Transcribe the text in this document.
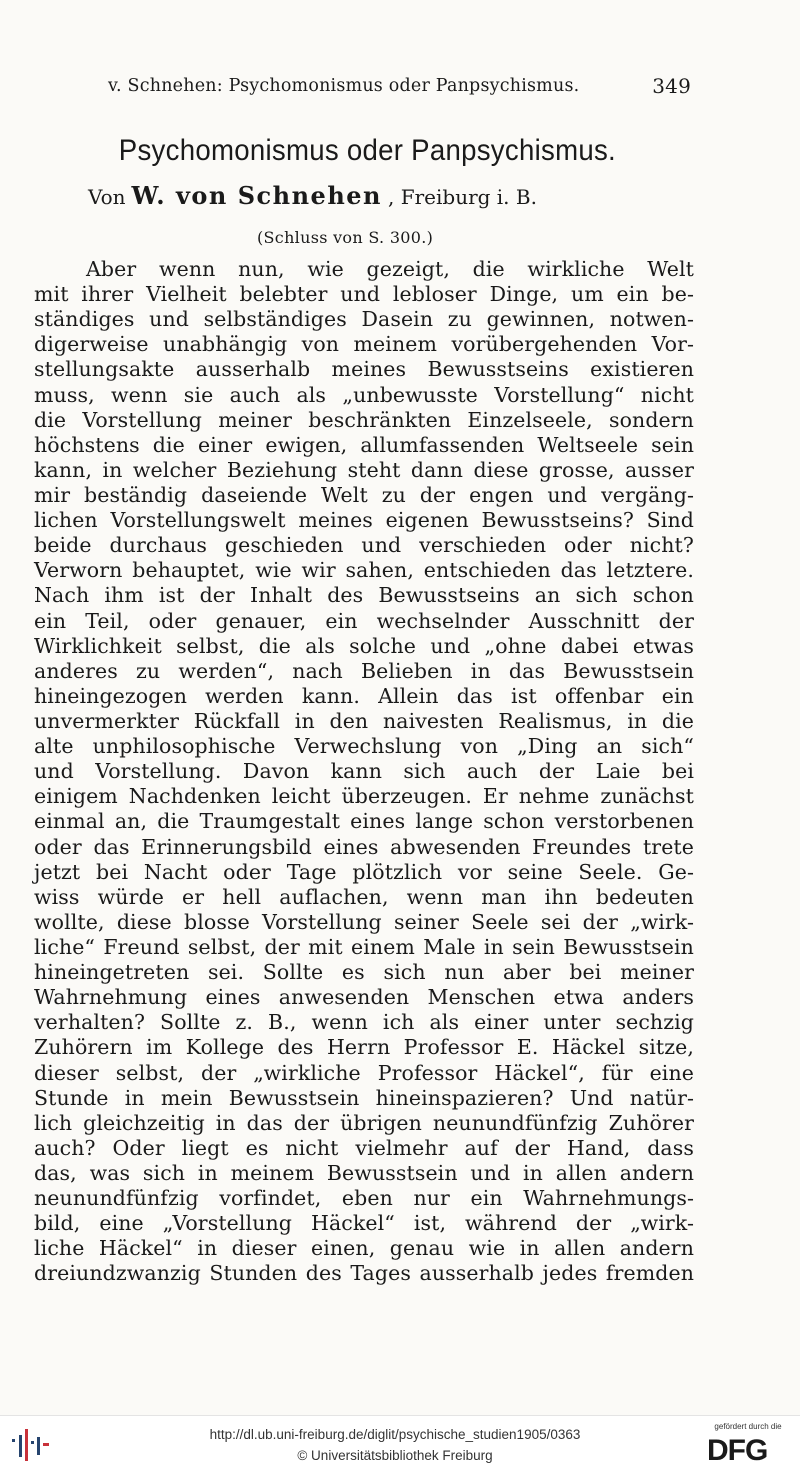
v. Schnehen: Psychomonismus oder Panpsychismus.	349
Psychomonismus oder Panpsychismus.
Von W. von Schnehen , Freiburg i. B.
(Schluss von S. 300.)
Aber wenn nun, wie gezeigt, die wirkliche Welt
mit ihrer Vielheit belebter und lebloser Dinge, um ein be-
ständiges und selbständiges Dasein zu gewinnen, notwen-
digerweise unabhängig von meinem vorübergehenden Vor-
stellungsakte ausserhalb meines Bewusstseins existieren
muss, wenn sie auch als „unbewusste Vorstellung“ nicht
die Vorstellung meiner beschränkten Einzelseele, sondern
höchstens die einer ewigen, allumfassenden Weltseele sein
kann, in welcher Beziehung steht dann diese grosse, ausser
mir beständig daseiende Welt zu der engen und vergäng-
lichen Vorstellungswelt meines eigenen Bewusstseins? Sind
beide durchaus geschieden und verschieden oder nicht?
Verworn behauptet, wie wir sahen, entschieden das letztere.
Nach ihm ist der Inhalt des Bewusstseins an sich schon
ein Teil, oder genauer, ein wechselnder Ausschnitt der
Wirklichkeit selbst, die als solche und „ohne dabei etwas
anderes zu werden“, nach Belieben in das Bewusstsein
hineingezogen werden kann. Allein das ist offenbar ein
unvermerkter Rückfall in den naivesten Realismus, in die
alte unphilosophische Verwechslung von „Ding an sich“
und Vorstellung. Davon kann sich auch der Laie bei
einigem Nachdenken leicht überzeugen. Er nehme zunächst
einmal an, die Traumgestalt eines lange schon verstorbenen
oder das Erinnerungsbild eines abwesenden Freundes trete
jetzt bei Nacht oder Tage plötzlich vor seine Seele. Ge-
wiss würde er hell auflachen, wenn man ihn bedeuten
wollte, diese blosse Vorstellung seiner Seele sei der „wirk-
liche“ Freund selbst, der mit einem Male in sein Bewusstsein
hineingetreten sei. Sollte es sich nun aber bei meiner
Wahrnehmung eines anwesenden Menschen etwa anders
verhalten? Sollte z. B., wenn ich als einer unter sechzig
Zuhörern im Kollege des Herrn Professor E. Häckel sitze,
dieser selbst, der „wirkliche Professor Häckel“, für eine
Stunde in mein Bewusstsein hineinspazieren? Und natür-
lich gleichzeitig in das der übrigen neunundfünfzig Zuhörer
auch? Oder liegt es nicht vielmehr auf der Hand, dass
das, was sich in meinem Bewusstsein und in allen andern
neunundfünfzig vorfindet, eben nur ein Wahrnehmungs-
bild, eine „Vorstellung Häckel“ ist, während der „wirk-
liche Häckel“ in dieser einen, genau wie in allen andern
dreiundzwanzig Stunden des Tages ausserhalb jedes fremden
http://dl.ub.uni-freiburg.de/diglit/psychische_studien1905/0363
© Universitätsbibliothek Freiburg
gefördert durch die
DFG
